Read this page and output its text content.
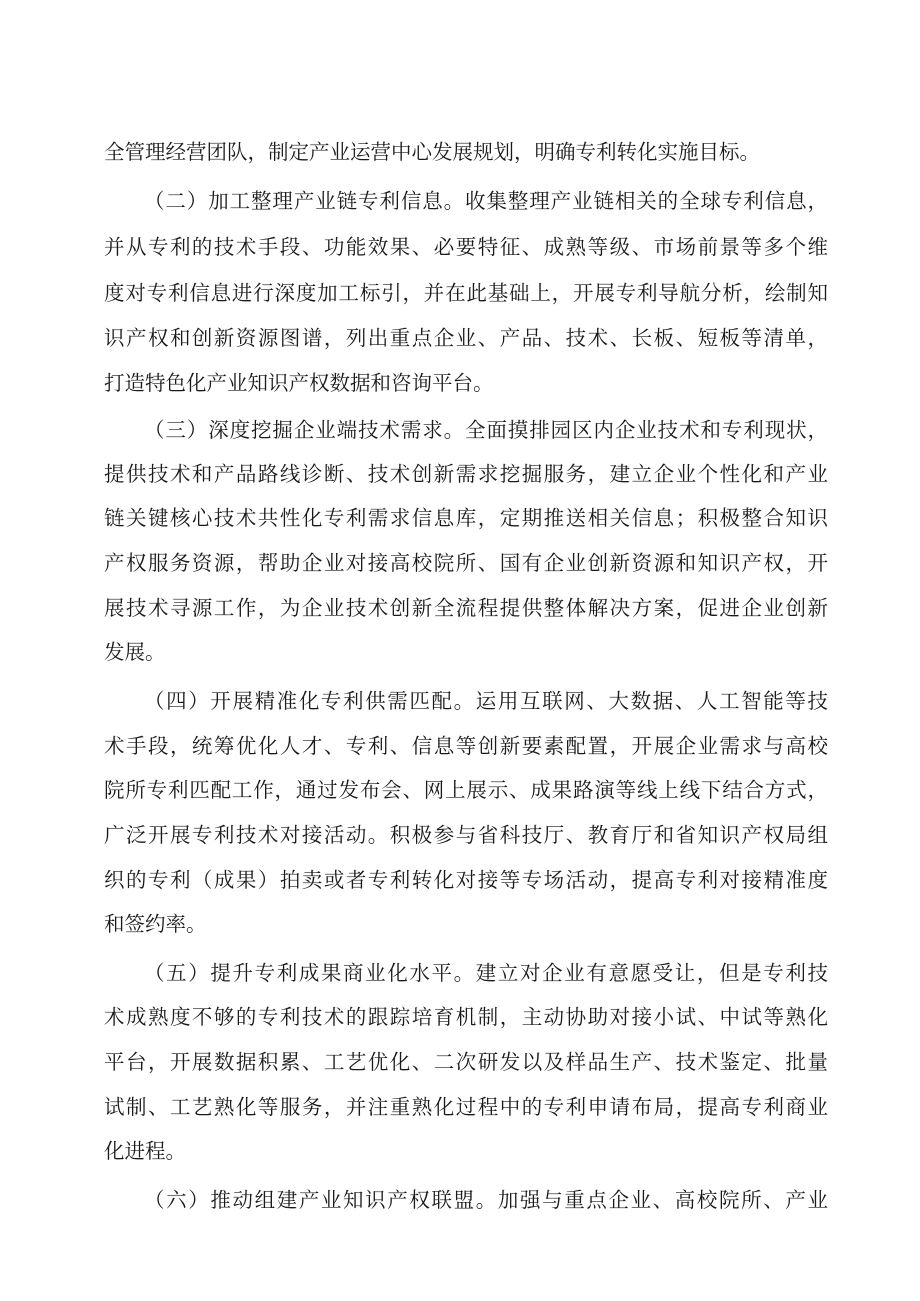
全管理经营团队，制定产业运营中心发展规划，明确专利转化实施目标。
（二）加工整理产业链专利信息。收集整理产业链相关的全球专利信息，
并从专利的技术手段、功能效果、必要特征、成熟等级、市场前景等多个维
度对专利信息进行深度加工标引，并在此基础上，开展专利导航分析，绘制知
识产权和创新资源图谱，列出重点企业、产品、技术、长板、短板等清单，
打造特色化产业知识产权数据和咨询平台。
（三）深度挖掘企业端技术需求。全面摸排园区内企业技术和专利现状，
提供技术和产品路线诊断、技术创新需求挖掘服务，建立企业个性化和产业
链关键核心技术共性化专利需求信息库，定期推送相关信息；积极整合知识
产权服务资源，帮助企业对接高校院所、国有企业创新资源和知识产权，开
展技术寻源工作，为企业技术创新全流程提供整体解决方案，促进企业创新
发展。
（四）开展精准化专利供需匹配。运用互联网、大数据、人工智能等技
术手段，统筹优化人才、专利、信息等创新要素配置，开展企业需求与高校
院所专利匹配工作，通过发布会、网上展示、成果路演等线上线下结合方式，
广泛开展专利技术对接活动。积极参与省科技厅、教育厅和省知识产权局组
织的专利（成果）拍卖或者专利转化对接等专场活动，提高专利对接精准度
和签约率。
（五）提升专利成果商业化水平。建立对企业有意愿受让，但是专利技
术成熟度不够的专利技术的跟踪培育机制，主动协助对接小试、中试等熟化
平台，开展数据积累、工艺优化、二次研发以及样品生产、技术鉴定、批量
试制、工艺熟化等服务，并注重熟化过程中的专利申请布局，提高专利商业
化进程。
（六）推动组建产业知识产权联盟。加强与重点企业、高校院所、产业
